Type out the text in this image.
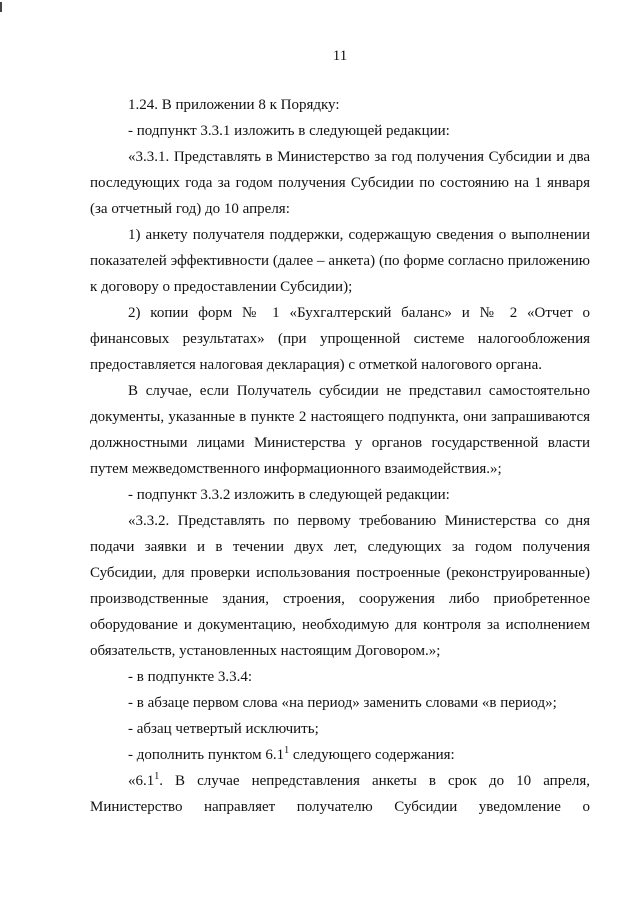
11

1.24. В приложении 8 к Порядку:

- подпункт 3.3.1 изложить в следующей редакции:

«3.3.1. Представлять в Министерство за год получения Субсидии и два последующих года за годом получения Субсидии по состоянию на 1 января (за отчетный год) до 10 апреля:

1) анкету получателя поддержки, содержащую сведения о выполнении показателей эффективности (далее – анкета) (по форме согласно приложению к договору о предоставлении Субсидии);

2) копии форм № 1 «Бухгалтерский баланс» и № 2 «Отчет о финансовых результатах» (при упрощенной системе налогообложения предоставляется налоговая декларация) с отметкой налогового органа.

В случае, если Получатель субсидии не представил самостоятельно документы, указанные в пункте 2 настоящего подпункта, они запрашиваются должностными лицами Министерства у органов государственной власти путем межведомственного информационного взаимодействия.»;

- подпункт 3.3.2 изложить в следующей редакции:

«3.3.2. Представлять по первому требованию Министерства со дня подачи заявки и в течении двух лет, следующих за годом получения Субсидии, для проверки использования построенные (реконструированные) производственные здания, строения, сооружения либо приобретенное оборудование и документацию, необходимую для контроля за исполнением обязательств, установленных настоящим Договором.»;

- в подпункте 3.3.4:

- в абзаце первом слова «на период» заменить словами «в период»;

- абзац четвертый исключить;

- дополнить пунктом $6.1^1$ следующего содержания:

«$6.1^1$. В случае непредставления анкеты в срок до 10 апреля, Министерство направляет получателю Субсидии уведомление о
